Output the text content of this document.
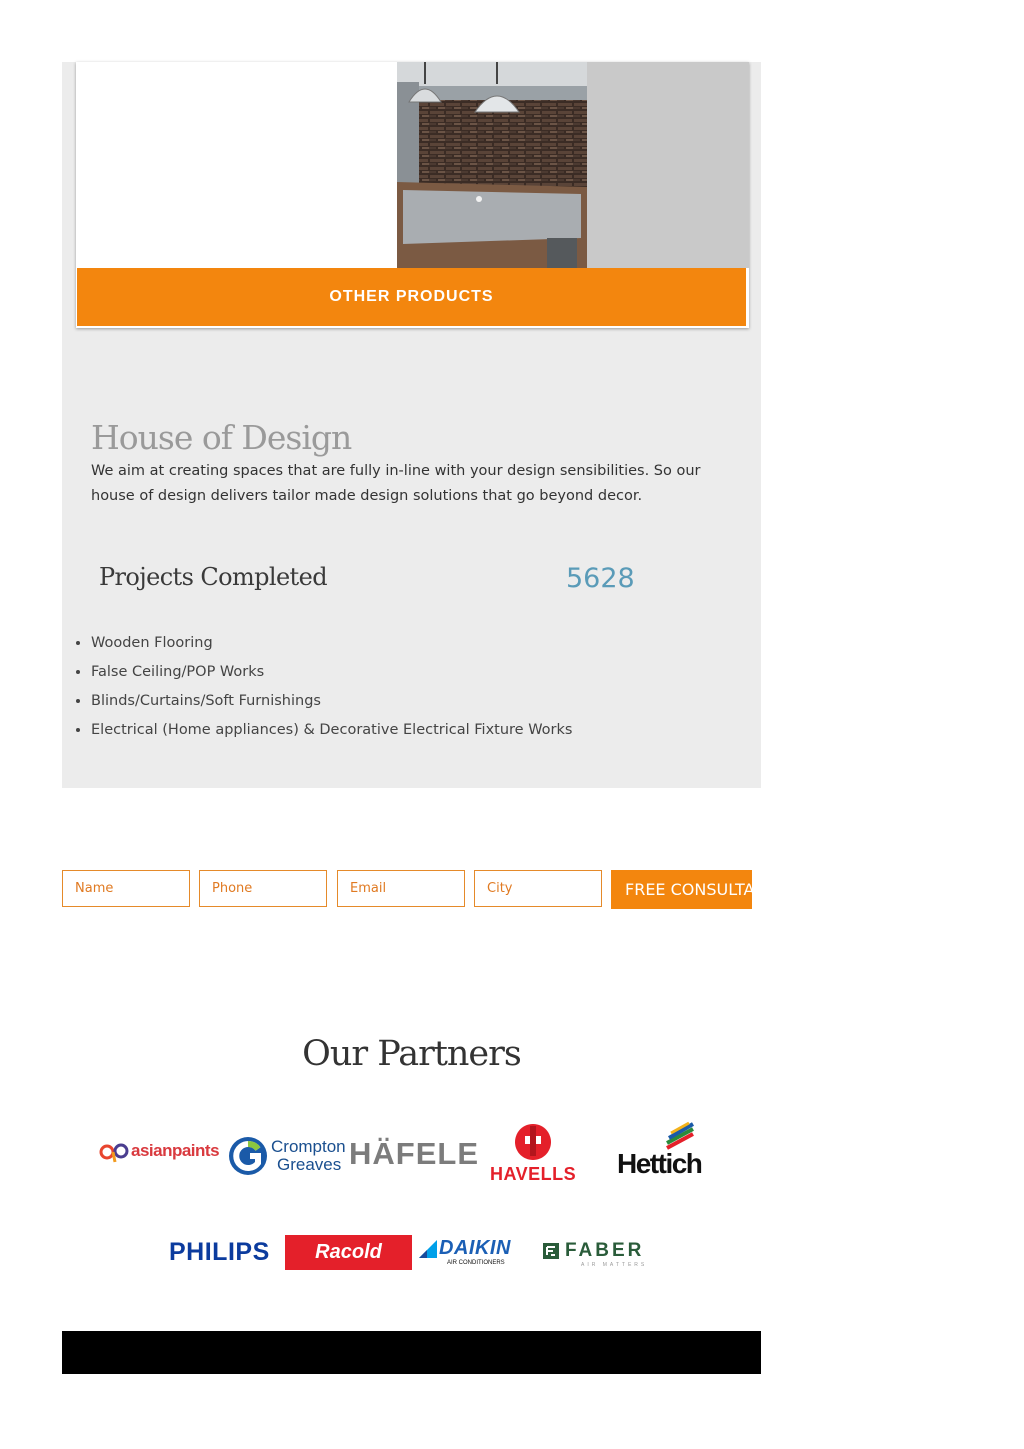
OTHER PRODUCTS
House of Design
We aim at creating spaces that are fully in-line with your design sensibilities. So our house of design delivers tailor made design solutions that go beyond decor.
Projects Completed	5628
• Wooden Flooring
• False Ceiling/POP Works
• Blinds/Curtains/Soft Furnishings
• Electrical (Home appliances) & Decorative Electrical Fixture Works
Name
Phone
Email
City
FREE CONSULTATION
Our Partners
asianpaints	Crompton
Greaves HÄFELE
HAVELLS Hettich
PHILIPS Racold	DAIKIN
AIR CONDITIONERS
FABER
AIR MATTERS
